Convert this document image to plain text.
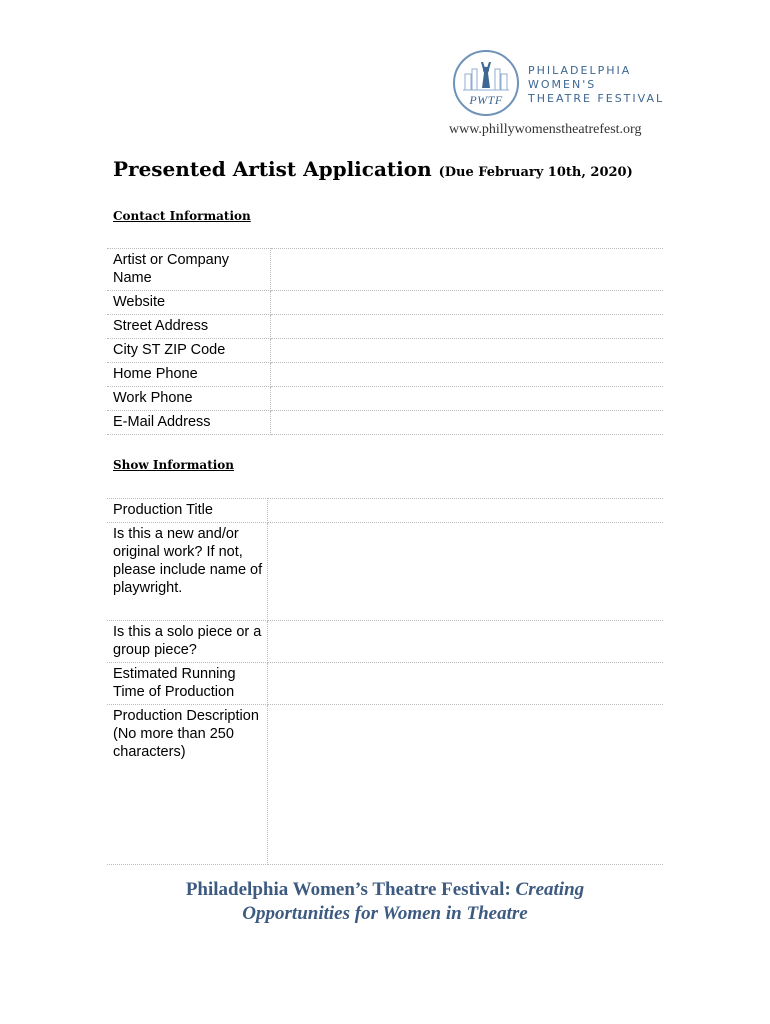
PWTF
PHILADELPHIA
WOMEN'S
THEATRE FESTIVAL
www.phillywomenstheatrefest.org
Presented Artist Application (Due February 10th, 2020)
Contact Information
Artist or Company Name	

Website	

Street Address	

City ST ZIP Code	

Home Phone	

Work Phone	

E-Mail Address	
Show Information
Production Title	

Is this a new and/or original work? If not, please include name of playwright.	

Is this a solo piece or a group piece?	

Estimated Running Time of Production	

Production Description (No more than 250 characters)	
Philadelphia Women’s Theatre Festival: Creating
Opportunities for Women in Theatre
